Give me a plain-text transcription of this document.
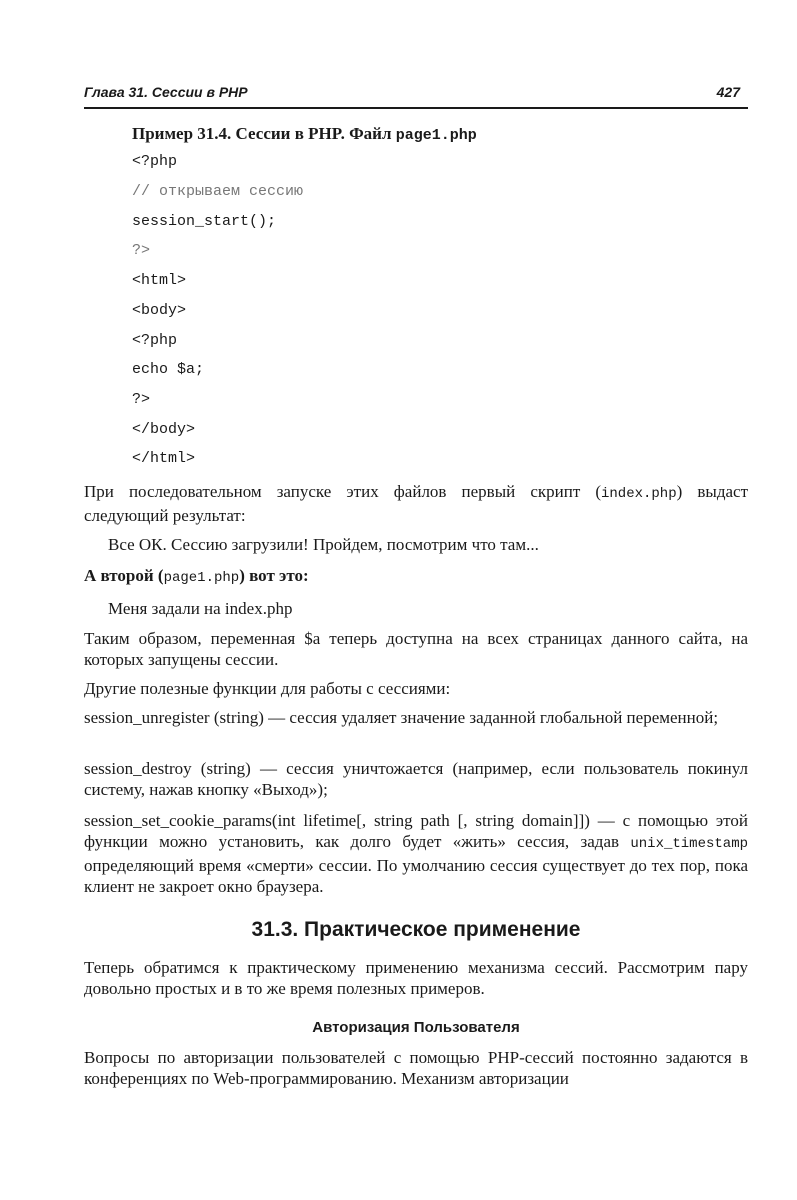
Глава 31. Сессии в PHP	427
Пример 31.4. Сессии в PHP. Файл page1.php
<?php
// открываем сессию
session_start();
?>
<html>
<body>
<?php
echo $a;
?>
</body>
</html>
При последовательном запуске этих файлов первый скрипт (index.php) выдаст следующий результат:
Все ОК. Сессию загрузили! Пройдем, посмотрим что там...
А второй (page1.php) вот это:
Меня задали на index.php
Таким образом, переменная $a теперь доступна на всех страницах данного сайта, на которых запущены сессии.
Другие полезные функции для работы с сессиями:
session_unregister (string) — сессия удаляет значение заданной глобальной переменной;
session_destroy (string) — сессия уничтожается (например, если пользователь покинул систему, нажав кнопку «Выход»);
session_set_cookie_params(int lifetime[, string path [, string domain]]) — с помощью этой функции можно установить, как долго будет «жить» сессия, задав unix_timestamp определяющий время «смерти» сессии. По умолчанию сессия существует до тех пор, пока клиент не закроет окно браузера.
31.3. Практическое применение
Теперь обратимся к практическому применению механизма сессий. Рассмотрим пару довольно простых и в то же время полезных примеров.
Авторизация Пользователя
Вопросы по авторизации пользователей с помощью PHP-сессий постоянно задаются в конференциях по Web-программированию. Механизм авторизации
